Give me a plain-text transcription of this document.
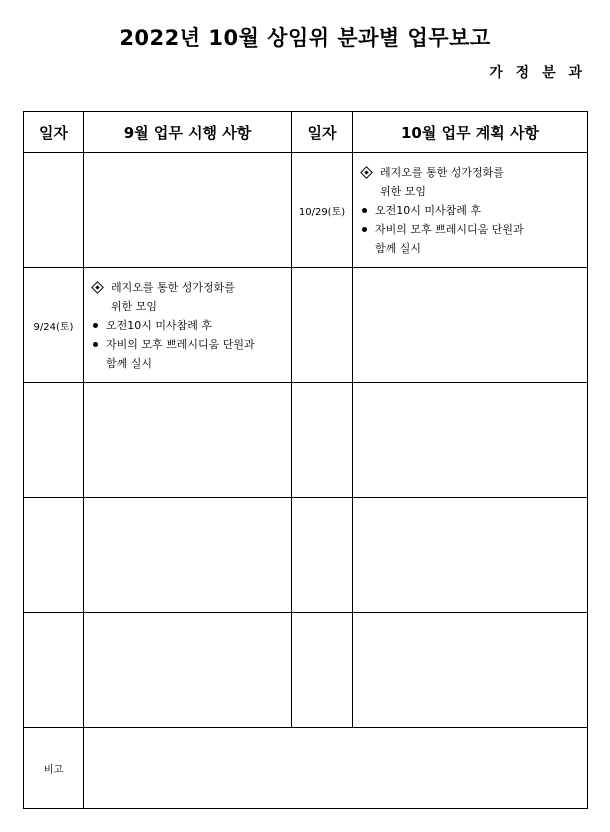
2022년 10월 상임위 분과별 업무보고
가 정 분 과
일자	9월 업무 시행 사항	일자	10월 업무 계획 사항
		10/29(토)	레지오를 통한 성가정화를
위한 모임
오전10시 미사참례 후
자비의 모후 쁘레시디움 단원과
함께 실시

9/24(토)	레지오를 통한 성가정화를
위한 모임
오전10시 미사참례 후
자비의 모후 쁘레시디움 단원과
함께 실시		

비고			
